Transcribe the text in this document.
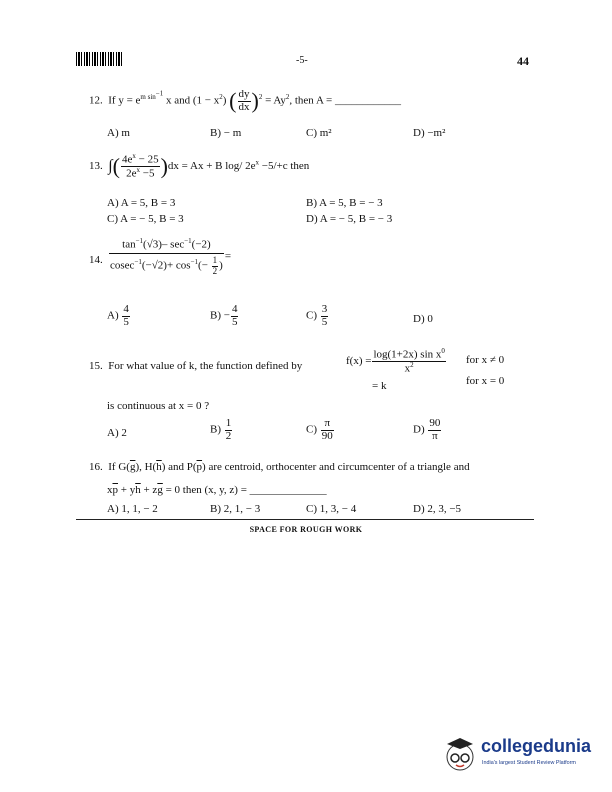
-5-	44
12. If $y = e^{m sin^{-1}}$ x and $(1 - x^2)$ ( $\frac{dy}{dx} )^2 = Ay^2$, then A = ____________
A) m	B) − m	C) m²	D) −m²
13. ∫( $\frac{4e^x - 25}{2e^x -5} )dx = Ax + B$ log/ $2e^x -5/+c$ then
A) A = 5, B = 3	B) A = 5, B = − 3
C) A = − 5, B = 3	D) A = − 5, B = − 3
14. $\frac{\tan^{-1}(√3)- \sec^{-1}(-2)}{cosec^{-1}(-√2)+ \cos^{-1}(- \frac{1}{2} )}$ =
$A) \frac{4}{5}$	$B) - \frac{4}{5}$	$C) \frac{3}{5}$	D) 0
15. For what value of k, the function defined by	$f(x) = \frac{\log(1+2x) \sin x^0}{x^2}$ for x ≠ 0
= k	for x = 0
is continuous at x = 0 ?
A) 2	$B) \frac{1}{2}$	$C) \frac{\pi}{90}$	$D) \frac{90}{\pi}$
16. If $G(\overline{g})$, $H(\overline{h})$ and $P(\overline{p})$ are centroid, orthocenter and circumcenter of a triangle and
$x\overline{p} + y\overline{h} + z\overline{g} = 0$ then (x, y, z) = ______________
A) 1, 1, − 2	B) 2, 1, − 3	C) 1, 3, − 4	D) 2, 3, −5
SPACE FOR ROUGH WORK
collegedunia
India's largest Student Review Platform
